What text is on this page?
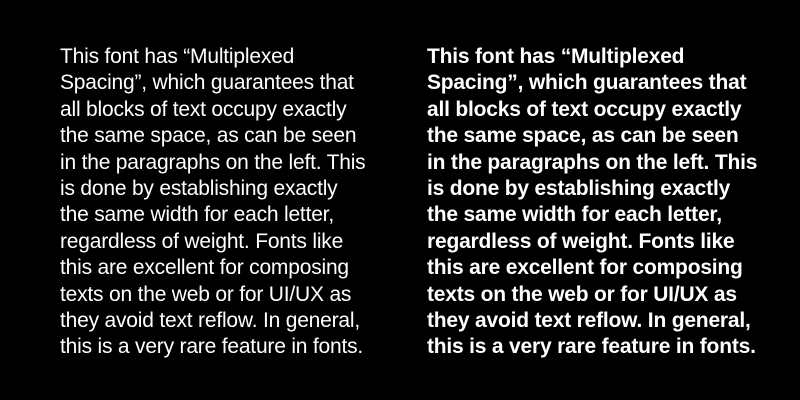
This font has “Multiplexed
Spacing”, which guarantees that
all blocks of text occupy exactly
the same space, as can be seen
in the paragraphs on the left. This
is done by establishing exactly
the same width for each letter,
regardless of weight. Fonts like
this are excellent for composing
texts on the web or for UI/UX as
they avoid text reflow. In general,
this is a very rare feature in fonts.
This font has “Multiplexed
Spacing”, which guarantees that
all blocks of text occupy exactly
the same space, as can be seen
in the paragraphs on the left. This
is done by establishing exactly
the same width for each letter,
regardless of weight. Fonts like
this are excellent for composing
texts on the web or for UI/UX as
they avoid text reflow. In general,
this is a very rare feature in fonts.
